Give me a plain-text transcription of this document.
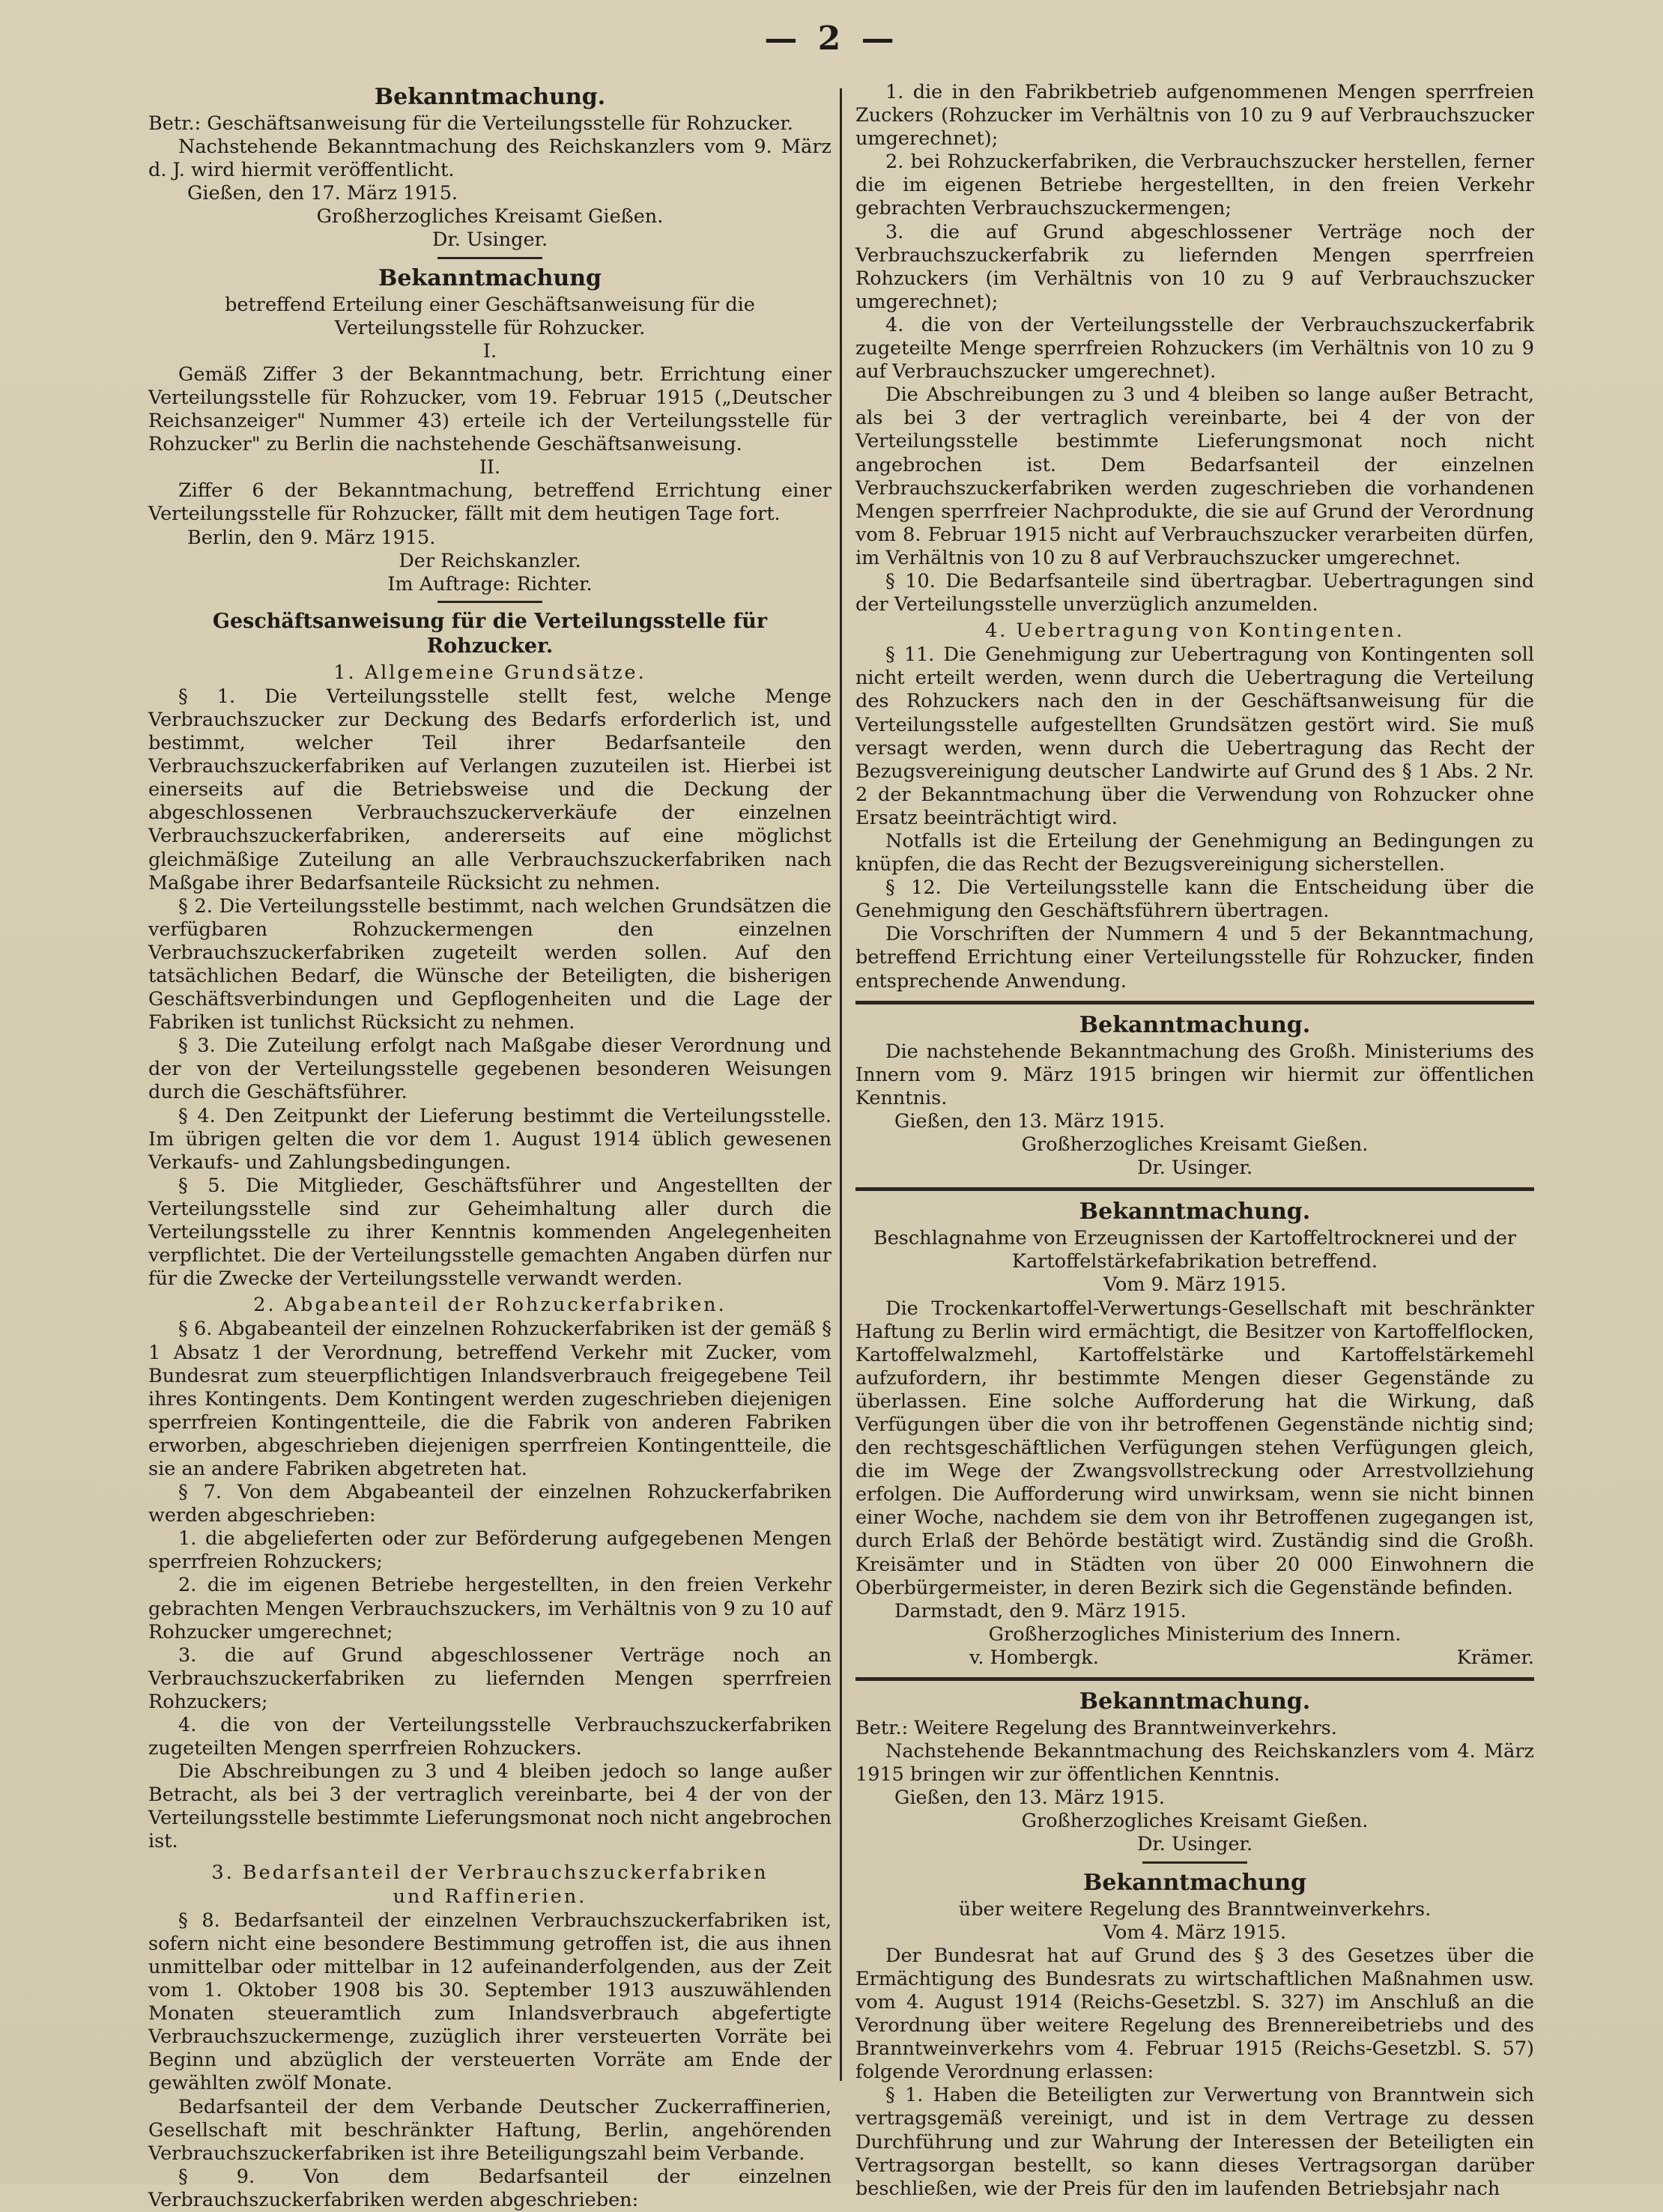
— 2 —
Bekanntmachung.

Betr.: Geschäftsanweisung für die Verteilungsstelle für Rohzucker.

Nachstehende Bekanntmachung des Reichskanzlers vom 9. März d. J. wird hiermit veröffentlicht.

Gießen, den 17. März 1915.
Großherzogliches Kreisamt Gießen.
Dr. Usinger.
Bekanntmachung
betreffend Erteilung einer Geschäftsanweisung für die Verteilungsstelle für Rohzucker.
I.

Gemäß Ziffer 3 der Bekanntmachung, betr. Errichtung einer Verteilungsstelle für Rohzucker, vom 19. Februar 1915 („Deutscher Reichsanzeiger" Nummer 43) erteile ich der Verteilungsstelle für Rohzucker" zu Berlin die nachstehende Geschäftsanweisung.

II.

Ziffer 6 der Bekanntmachung, betreffend Errichtung einer Verteilungsstelle für Rohzucker, fällt mit dem heutigen Tage fort.

Berlin, den 9. März 1915.
Der Reichskanzler.
Im Auftrage: Richter.
Geschäftsanweisung für die Verteilungsstelle für Rohzucker.
1. Allgemeine Grundsätze.

§ 1. Die Verteilungsstelle stellt fest, welche Menge Verbrauchszucker zur Deckung des Bedarfs erforderlich ist, und bestimmt, welcher Teil ihrer Bedarfsanteile den Verbrauchszuckerfabriken auf Verlangen zuzuteilen ist. Hierbei ist einerseits auf die Betriebsweise und die Deckung der abgeschlossenen Verbrauchszuckerverkäufe der einzelnen Verbrauchszuckerfabriken, andererseits auf eine möglichst gleichmäßige Zuteilung an alle Verbrauchszuckerfabriken nach Maßgabe ihrer Bedarfsanteile Rücksicht zu nehmen.

§ 2. Die Verteilungsstelle bestimmt, nach welchen Grundsätzen die verfügbaren Rohzuckermengen den einzelnen Verbrauchszuckerfabriken zugeteilt werden sollen. Auf den tatsächlichen Bedarf, die Wünsche der Beteiligten, die bisherigen Geschäftsverbindungen und Gepflogenheiten und die Lage der Fabriken ist tunlichst Rücksicht zu nehmen.

§ 3. Die Zuteilung erfolgt nach Maßgabe dieser Verordnung und der von der Verteilungsstelle gegebenen besonderen Weisungen durch die Geschäftsführer.

§ 4. Den Zeitpunkt der Lieferung bestimmt die Verteilungsstelle. Im übrigen gelten die vor dem 1. August 1914 üblich gewesenen Verkaufs- und Zahlungsbedingungen.

§ 5. Die Mitglieder, Geschäftsführer und Angestellten der Verteilungsstelle sind zur Geheimhaltung aller durch die Verteilungsstelle zu ihrer Kenntnis kommenden Angelegenheiten verpflichtet. Die der Verteilungsstelle gemachten Angaben dürfen nur für die Zwecke der Verteilungsstelle verwandt werden.

2. Abgabeanteil der Rohzuckerfabriken.

§ 6. Abgabeanteil der einzelnen Rohzuckerfabriken ist der gemäß § 1 Absatz 1 der Verordnung, betreffend Verkehr mit Zucker, vom Bundesrat zum steuerpflichtigen Inlandsverbrauch freigegebene Teil ihres Kontingents. Dem Kontingent werden zugeschrieben diejenigen sperrfreien Kontingentteile, die die Fabrik von anderen Fabriken erworben, abgeschrieben diejenigen sperrfreien Kontingentteile, die sie an andere Fabriken abgetreten hat.

§ 7. Von dem Abgabeanteil der einzelnen Rohzuckerfabriken werden abgeschrieben:

1. die abgelieferten oder zur Beförderung aufgegebenen Mengen sperrfreien Rohzuckers;

2. die im eigenen Betriebe hergestellten, in den freien Verkehr gebrachten Mengen Verbrauchszuckers, im Verhältnis von 9 zu 10 auf Rohzucker umgerechnet;

3. die auf Grund abgeschlossener Verträge noch an Verbrauchszuckerfabriken zu liefernden Mengen sperrfreien Rohzuckers;

4. die von der Verteilungsstelle Verbrauchszuckerfabriken zugeteilten Mengen sperrfreien Rohzuckers.

Die Abschreibungen zu 3 und 4 bleiben jedoch so lange außer Betracht, als bei 3 der vertraglich vereinbarte, bei 4 der von der Verteilungsstelle bestimmte Lieferungsmonat noch nicht angebrochen ist.

3. Bedarfsanteil der Verbrauchszuckerfabriken
und Raffinerien.

§ 8. Bedarfsanteil der einzelnen Verbrauchszuckerfabriken ist, sofern nicht eine besondere Bestimmung getroffen ist, die aus ihnen unmittelbar oder mittelbar in 12 aufeinanderfolgenden, aus der Zeit vom 1. Oktober 1908 bis 30. September 1913 auszuwählenden Monaten steueramtlich zum Inlandsverbrauch abgefertigte Verbrauchszuckermenge, zuzüglich ihrer versteuerten Vorräte bei Beginn und abzüglich der versteuerten Vorräte am Ende der gewählten zwölf Monate.

Bedarfsanteil der dem Verbande Deutscher Zuckerraffinerien, Gesellschaft mit beschränkter Haftung, Berlin, angehörenden Verbrauchszuckerfabriken ist ihre Beteiligungszahl beim Verbande.

§ 9. Von dem Bedarfsanteil der einzelnen Verbrauchszuckerfabriken werden abgeschrieben:

1. die in den Fabrikbetrieb aufgenommenen Mengen sperrfreien Zuckers (Rohzucker im Verhältnis von 10 zu 9 auf Verbrauchszucker umgerechnet);

2. bei Rohzuckerfabriken, die Verbrauchszucker herstellen, ferner die im eigenen Betriebe hergestellten, in den freien Verkehr gebrachten Verbrauchszuckermengen;

3. die auf Grund abgeschlossener Verträge noch der Verbrauchszuckerfabrik zu liefernden Mengen sperrfreien Rohzuckers (im Verhältnis von 10 zu 9 auf Verbrauchszucker umgerechnet);

4. die von der Verteilungsstelle der Verbrauchszuckerfabrik zugeteilte Menge sperrfreien Rohzuckers (im Verhältnis von 10 zu 9 auf Verbrauchszucker umgerechnet).

Die Abschreibungen zu 3 und 4 bleiben so lange außer Betracht, als bei 3 der vertraglich vereinbarte, bei 4 der von der Verteilungsstelle bestimmte Lieferungsmonat noch nicht angebrochen ist. Dem Bedarfsanteil der einzelnen Verbrauchszuckerfabriken werden zugeschrieben die vorhandenen Mengen sperrfreier Nachprodukte, die sie auf Grund der Verordnung vom 8. Februar 1915 nicht auf Verbrauchszucker verarbeiten dürfen, im Verhältnis von 10 zu 8 auf Verbrauchszucker umgerechnet.

§ 10. Die Bedarfsanteile sind übertragbar. Uebertragungen sind der Verteilungsstelle unverzüglich anzumelden.

4. Uebertragung von Kontingenten.

§ 11. Die Genehmigung zur Uebertragung von Kontingenten soll nicht erteilt werden, wenn durch die Uebertragung die Verteilung des Rohzuckers nach den in der Geschäftsanweisung für die Verteilungsstelle aufgestellten Grundsätzen gestört wird. Sie muß versagt werden, wenn durch die Uebertragung das Recht der Bezugsvereinigung deutscher Landwirte auf Grund des § 1 Abs. 2 Nr. 2 der Bekanntmachung über die Verwendung von Rohzucker ohne Ersatz beeinträchtigt wird.

Notfalls ist die Erteilung der Genehmigung an Bedingungen zu knüpfen, die das Recht der Bezugsvereinigung sicherstellen.

§ 12. Die Verteilungsstelle kann die Entscheidung über die Genehmigung den Geschäftsführern übertragen.

Die Vorschriften der Nummern 4 und 5 der Bekanntmachung, betreffend Errichtung einer Verteilungsstelle für Rohzucker, finden entsprechende Anwendung.

Bekanntmachung.

Die nachstehende Bekanntmachung des Großh. Ministeriums des Innern vom 9. März 1915 bringen wir hiermit zur öffentlichen Kenntnis.

Gießen, den 13. März 1915.
Großherzogliches Kreisamt Gießen.
Dr. Usinger.
Bekanntmachung.
Beschlagnahme von Erzeugnissen der Kartoffeltrocknerei und der Kartoffelstärkefabrikation betreffend.
Vom 9. März 1915.

Die Trockenkartoffel-Verwertungs-Gesellschaft mit beschränkter Haftung zu Berlin wird ermächtigt, die Besitzer von Kartoffelflocken, Kartoffelwalzmehl, Kartoffelstärke und Kartoffelstärkemehl aufzufordern, ihr bestimmte Mengen dieser Gegenstände zu überlassen. Eine solche Aufforderung hat die Wirkung, daß Verfügungen über die von ihr betroffenen Gegenstände nichtig sind; den rechtsgeschäftlichen Verfügungen stehen Verfügungen gleich, die im Wege der Zwangsvollstreckung oder Arrestvollziehung erfolgen. Die Aufforderung wird unwirksam, wenn sie nicht binnen einer Woche, nachdem sie dem von ihr Betroffenen zugegangen ist, durch Erlaß der Behörde bestätigt wird. Zuständig sind die Großh. Kreisämter und in Städten von über 20 000 Einwohnern die Oberbürgermeister, in deren Bezirk sich die Gegenstände befinden.

Darmstadt, den 9. März 1915.
Großherzogliches Ministerium des Innern.
v. Hombergk.	Krämer.
Bekanntmachung.

Betr.: Weitere Regelung des Branntweinverkehrs.

Nachstehende Bekanntmachung des Reichskanzlers vom 4. März 1915 bringen wir zur öffentlichen Kenntnis.

Gießen, den 13. März 1915.
Großherzogliches Kreisamt Gießen.
Dr. Usinger.
Bekanntmachung
über weitere Regelung des Branntweinverkehrs.
Vom 4. März 1915.

Der Bundesrat hat auf Grund des § 3 des Gesetzes über die Ermächtigung des Bundesrats zu wirtschaftlichen Maßnahmen usw. vom 4. August 1914 (Reichs-Gesetzbl. S. 327) im Anschluß an die Verordnung über weitere Regelung des Brennereibetriebs und des Branntweinverkehrs vom 4. Februar 1915 (Reichs-Gesetzbl. S. 57) folgende Verordnung erlassen:

§ 1. Haben die Beteiligten zur Verwertung von Branntwein sich vertragsgemäß vereinigt, und ist in dem Vertrage zu dessen Durchführung und zur Wahrung der Interessen der Beteiligten ein Vertragsorgan bestellt, so kann dieses Vertragsorgan darüber beschließen, wie der Preis für den im laufenden Betriebsjahr nach
